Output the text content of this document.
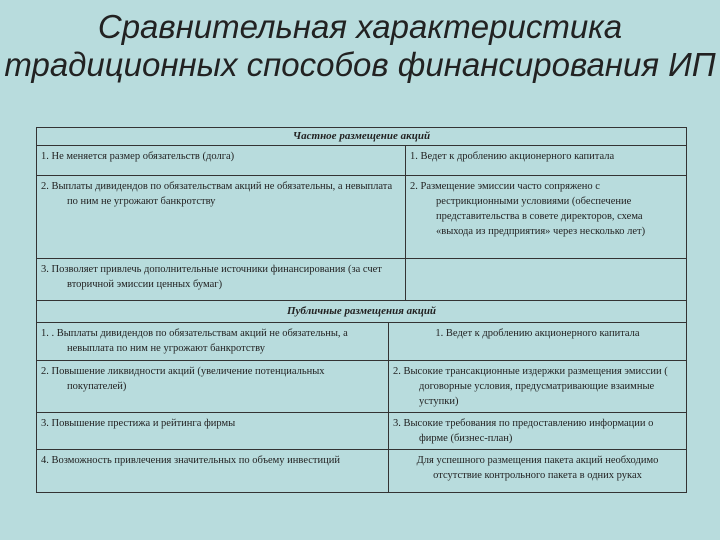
Сравнительная характеристика традиционных способов финансирования ИП
Частное размещение акций	
1. Не меняется размер обязательств (долга)	1. Ведет к дроблению акционерного капитала
2. Выплаты дивидендов по обязательствам акций не обязательны, а невыплата по ним не угрожают банкротству	2. Размещение эмиссии часто сопряжено с рестрикционными условиями (обеспечение представительства в совете директоров, схема «выхода из предприятия» через несколько лет)
3. Позволяет привлечь дополнительные источники финансирования (за счет вторичной эмиссии ценных бумаг)	
Публичные размещения акций	
1. . Выплаты дивидендов по обязательствам акций не обязательны, а невыплата по ним не угрожают банкротству	1. Ведет к дроблению акционерного капитала
2. Повышение ликвидности акций (увеличение потенциальных покупателей)	2. Высокие трансакционные издержки размещения эмиссии ( договорные условия, предусматривающие взаимные уступки)
3. Повышение престижа и рейтинга фирмы	3. Высокие требования по предоставлению информации о фирме (бизнес-план)
4. Возможность привлечения значительных по объему инвестиций	Для успешного размещения пакета акций необходимо отсутствие контрольного пакета в одних руках
